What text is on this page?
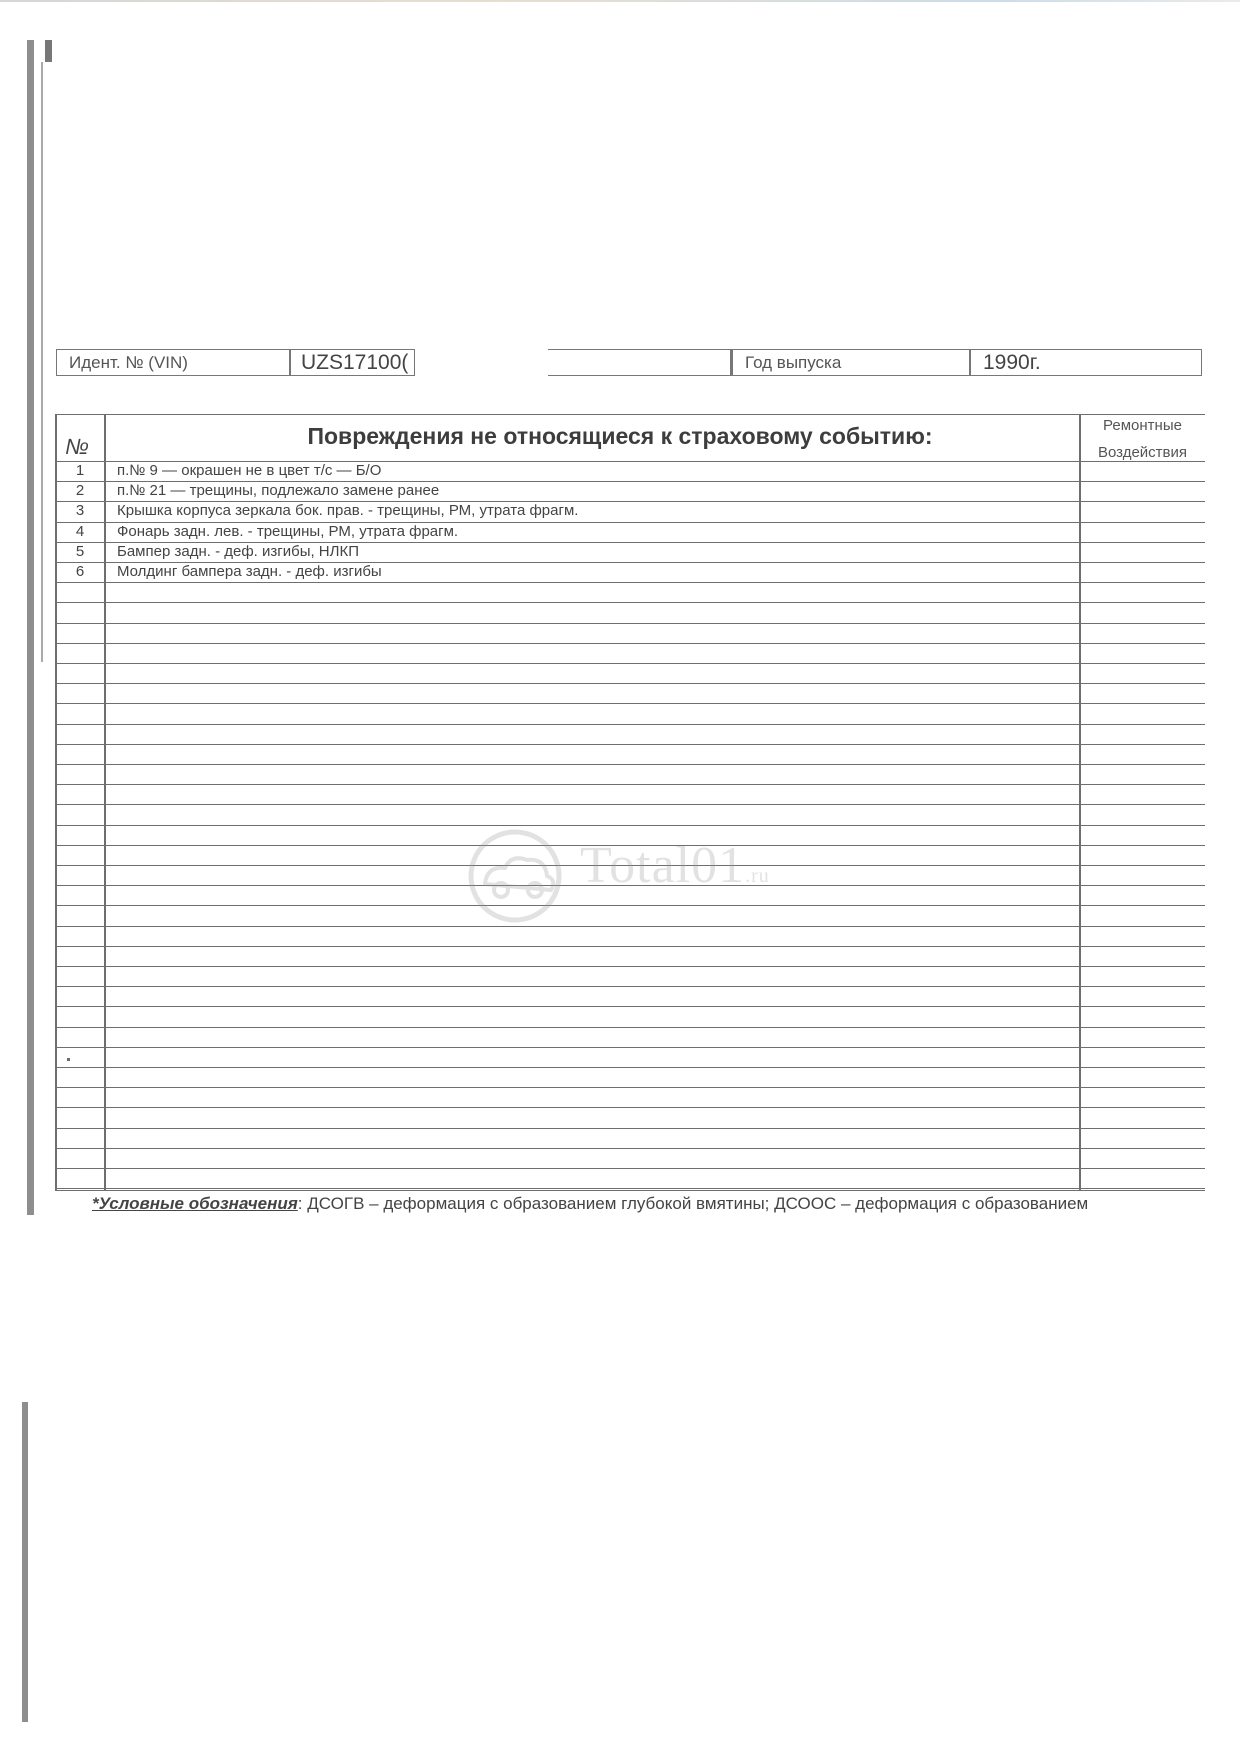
Идент. № (VIN)	UZS17100(	Год выпуска	1990г.
№	Повреждения не относящиеся к страховому событию:	Ремонтные
Воздействия
1	п.№ 9 — окрашен не в цвет т/с — Б/О
2	п.№ 21 — трещины, подлежало замене ранее
3	Крышка корпуса зеркала бок. прав. - трещины, РМ, утрата фрагм.
4	Фонарь задн. лев. - трещины, РМ, утрата фрагм.
5	Бампер задн. - деф. изгибы, НЛКП
6	Молдинг бампера задн. - деф. изгибы
*Условные обозначения: ДСОГВ – деформация с образованием глубокой вмятины; ДСООС – деформация с образованием
Total01.ru
